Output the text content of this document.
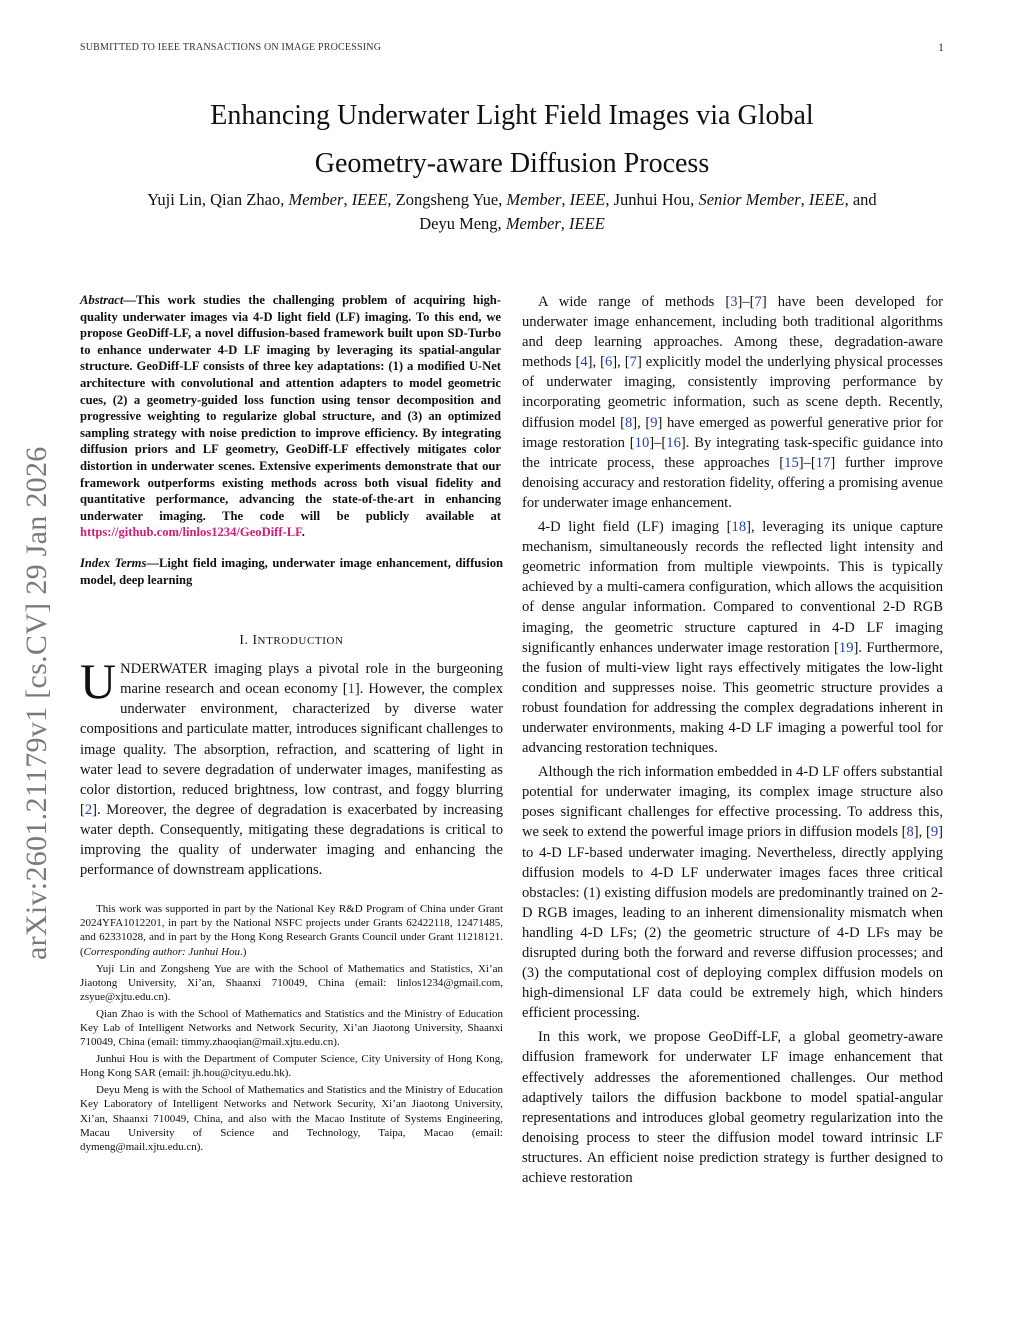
SUBMITTED TO IEEE TRANSACTIONS ON IMAGE PROCESSING	1
arXiv:2601.21179v1 [cs.CV] 29 Jan 2026
Enhancing Underwater Light Field Images via Global
Geometry-aware Diffusion Process
Yuji Lin, Qian Zhao, Member, IEEE, Zongsheng Yue, Member, IEEE, Junhui Hou, Senior Member, IEEE, and
Deyu Meng, Member, IEEE
Abstract—This work studies the challenging problem of acquiring high-quality underwater images via 4-D light field (LF) imaging. To this end, we propose GeoDiff-LF, a novel diffusion-based framework built upon SD-Turbo to enhance underwater 4-D LF imaging by leveraging its spatial-angular structure. GeoDiff-LF consists of three key adaptations: (1) a modified U-Net architecture with convolutional and attention adapters to model geometric cues, (2) a geometry-guided loss function using tensor decomposition and progressive weighting to regularize global structure, and (3) an optimized sampling strategy with noise prediction to improve efficiency. By integrating diffusion priors and LF geometry, GeoDiff-LF effectively mitigates color distortion in underwater scenes. Extensive experiments demonstrate that our framework outperforms existing methods across both visual fidelity and quantitative performance, advancing the state-of-the-art in enhancing underwater imaging. The code will be publicly available at https://github.com/linlos1234/GeoDiff-LF.
Index Terms—Light field imaging, underwater image enhancement, diffusion model, deep learning
I. INTRODUCTION

UNDERWATER imaging plays a pivotal role in the burgeoning marine research and ocean economy [1]. However, the complex underwater environment, characterized by diverse water compositions and particulate matter, introduces significant challenges to image quality. The absorption, refraction, and scattering of light in water lead to severe degradation of underwater images, manifesting as color distortion, reduced brightness, low contrast, and foggy blurring [2]. Moreover, the degree of degradation is exacerbated by increasing water depth. Consequently, mitigating these degradations is critical to improving the quality of underwater imaging and enhancing the performance of downstream applications.

This work was supported in part by the National Key R&D Program of China under Grant 2024YFA1012201, in part by the National NSFC projects under Grants 62422118, 12471485, and 62331028, and in part by the Hong Kong Research Grants Council under Grant 11218121. (Corresponding author: Junhui Hou.)
Yuji Lin and Zongsheng Yue are with the School of Mathematics and Statistics, Xi’an Jiaotong University, Xi’an, Shaanxi 710049, China (email: linlos1234@gmail.com, zsyue@xjtu.edu.cn).
Qian Zhao is with the School of Mathematics and Statistics and the Ministry of Education Key Lab of Intelligent Networks and Network Security, Xi’an Jiaotong University, Shaanxi 710049, China (email: timmy.zhaoqian@mail.xjtu.edu.cn).
Junhui Hou is with the Department of Computer Science, City University of Hong Kong, Hong Kong SAR (email: jh.hou@cityu.edu.hk).
Deyu Meng is with the School of Mathematics and Statistics and the Ministry of Education Key Laboratory of Intelligent Networks and Network Security, Xi’an Jiaotong University, Xi’an, Shaanxi 710049, China, and also with the Macao Institute of Systems Engineering, Macau University of Science and Technology, Taipa, Macao (email: dymeng@mail.xjtu.edu.cn).

A wide range of methods [3]–[7] have been developed for underwater image enhancement, including both traditional algorithms and deep learning approaches. Among these, degradation-aware methods [4], [6], [7] explicitly model the underlying physical processes of underwater imaging, consistently improving performance by incorporating geometric information, such as scene depth. Recently, diffusion model [8], [9] have emerged as powerful generative prior for image restoration [10]–[16]. By integrating task-specific guidance into the intricate process, these approaches [15]–[17] further improve denoising accuracy and restoration fidelity, offering a promising avenue for underwater image enhancement.

4-D light field (LF) imaging [18], leveraging its unique capture mechanism, simultaneously records the reflected light intensity and geometric information from multiple viewpoints. This is typically achieved by a multi-camera configuration, which allows the acquisition of dense angular information. Compared to conventional 2-D RGB imaging, the geometric structure captured in 4-D LF imaging significantly enhances underwater image restoration [19]. Furthermore, the fusion of multi-view light rays effectively mitigates the low-light condition and suppresses noise. This geometric structure provides a robust foundation for addressing the complex degradations inherent in underwater environments, making 4-D LF imaging a powerful tool for advancing restoration techniques.

Although the rich information embedded in 4-D LF offers substantial potential for underwater imaging, its complex image structure also poses significant challenges for effective processing. To address this, we seek to extend the powerful image priors in diffusion models [8], [9] to 4-D LF-based underwater imaging. Nevertheless, directly applying diffusion models to 4-D LF underwater images faces three critical obstacles: (1) existing diffusion models are predominantly trained on 2-D RGB images, leading to an inherent dimensionality mismatch when handling 4-D LFs; (2) the geometric structure of 4-D LFs may be disrupted during both the forward and reverse diffusion processes; and (3) the computational cost of deploying complex diffusion models on high-dimensional LF data could be extremely high, which hinders efficient processing.

In this work, we propose GeoDiff-LF, a global geometry-aware diffusion framework for underwater LF image enhancement that effectively addresses the aforementioned challenges. Our method adaptively tailors the diffusion backbone to model spatial-angular representations and introduces global geometry regularization into the denoising process to steer the diffusion model toward intrinsic LF structures. An efficient noise prediction strategy is further designed to achieve restoration
